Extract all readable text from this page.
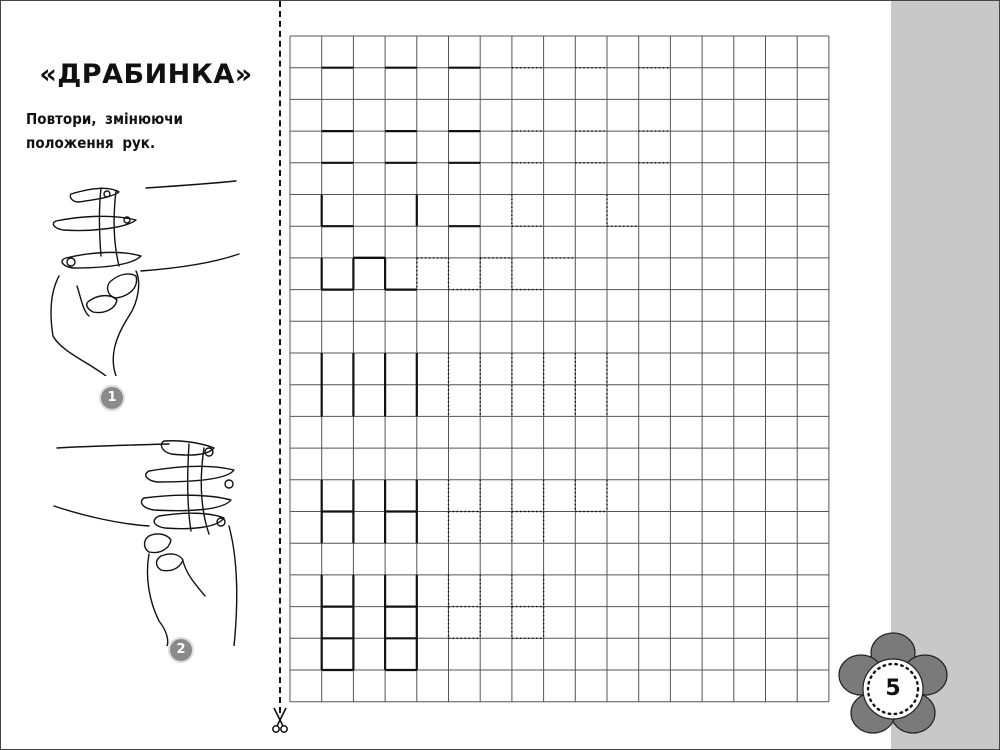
«ДРАБИНКА»
Повтори, змінюючи положення рук.
1
2
5
